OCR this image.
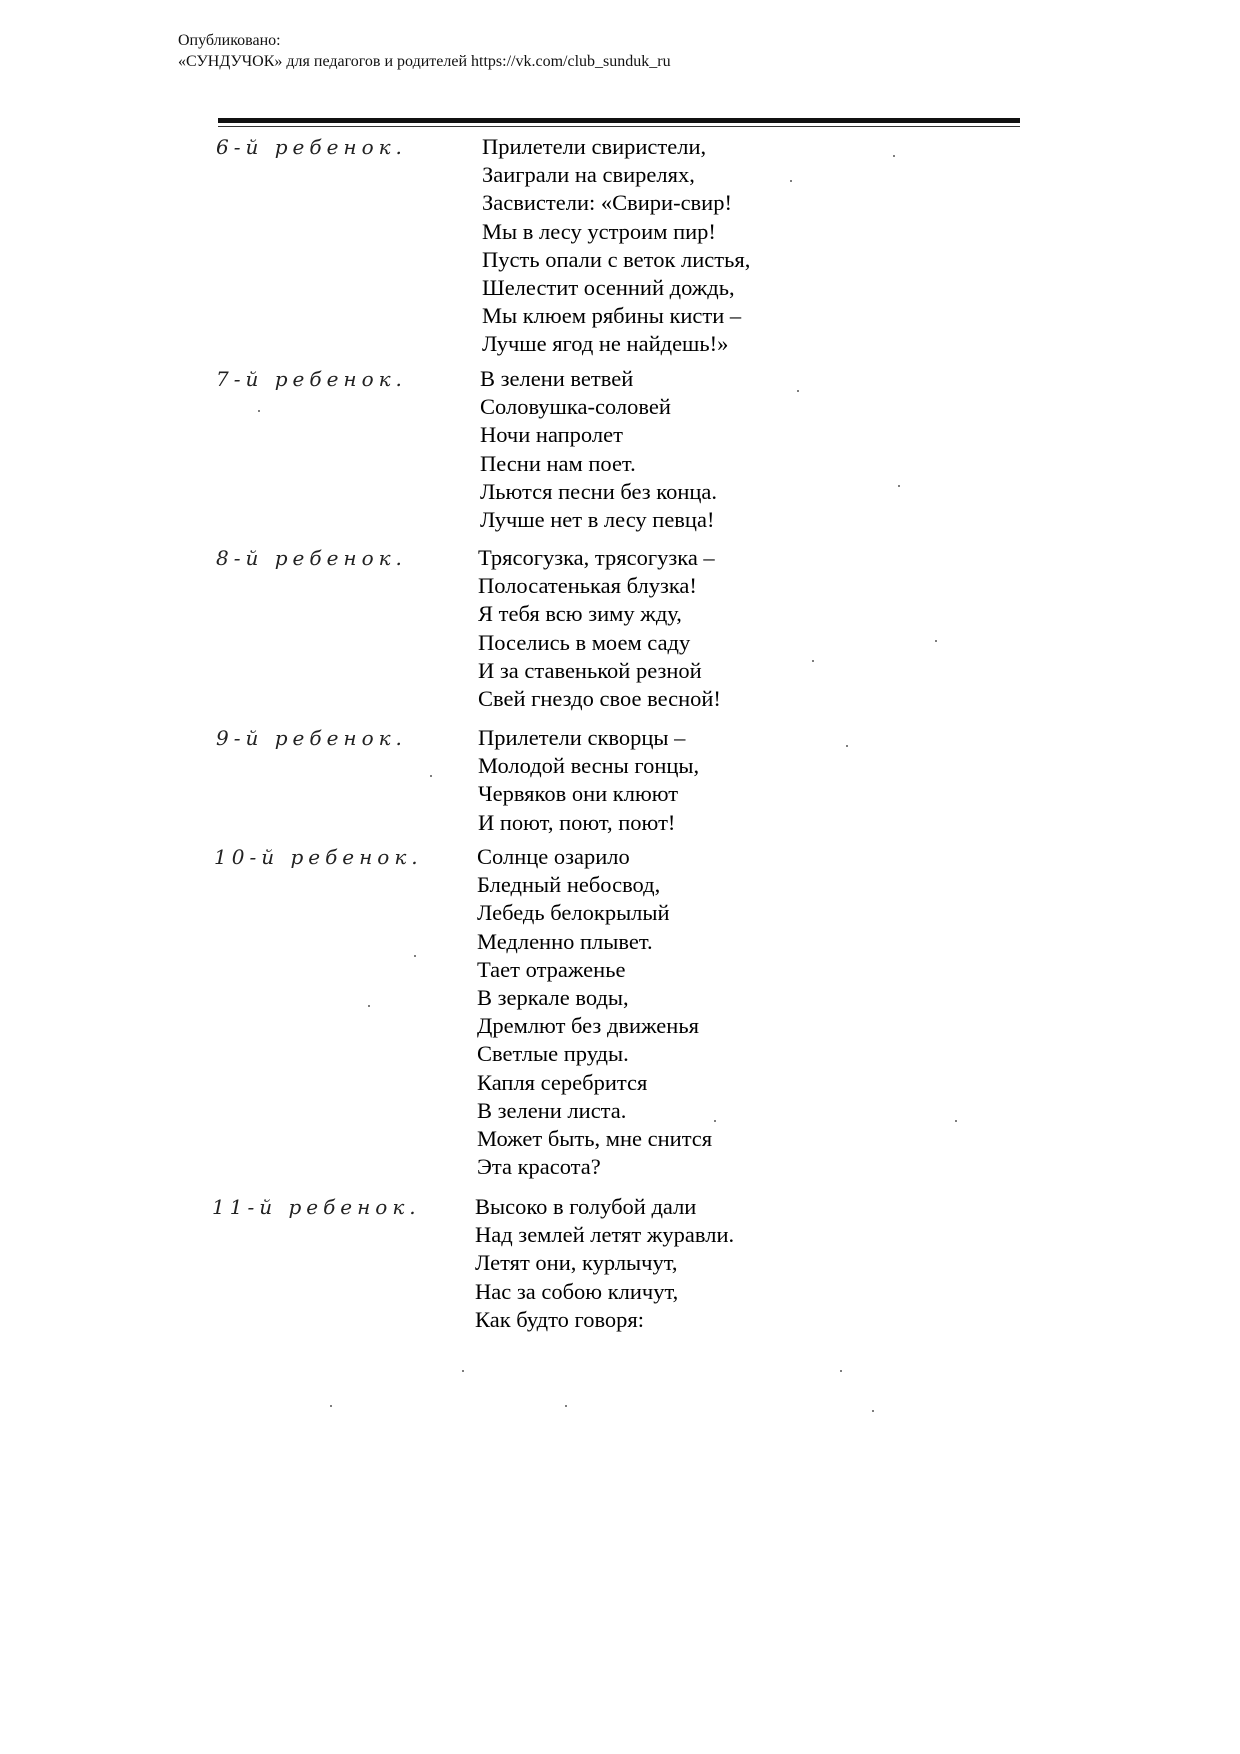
Опубликовано:
«СУНДУЧОК» для педагогов и родителей https://vk.com/club_sunduk_ru
6-й ребенок.	Прилетели свиристели,
Заиграли на свирелях,
Засвистели: «Свири-свир!
Мы в лесу устроим пир!
Пусть опали с веток листья,
Шелестит осенний дождь,
Мы клюем рябины кисти –
Лучше ягод не найдешь!»
7-й ребенок.	В зелени ветвей
Соловушка-соловей
Ночи напролет
Песни нам поет.
Льются песни без конца.
Лучше нет в лесу певца!
8-й ребенок.	Трясогузка, трясогузка –
Полосатенькая блузка!
Я тебя всю зиму жду,
Поселись в моем саду
И за ставенькой резной
Свей гнездо свое весной!
9-й ребенок.	Прилетели скворцы –
Молодой весны гонцы,
Червяков они клюют
И поют, поют, поют!
10-й ребенок. Солнце озарило
Бледный небосвод,
Лебедь белокрылый
Медленно плывет.
Тает отраженье
В зеркале воды,
Дремлют без движенья
Светлые пруды.
Капля серебрится
В зелени листа.
Может быть, мне снится
Эта красота?
11-й ребенок. Высоко в голубой дали
Над землей летят журавли.
Летят они, курлычут,
Нас за собою кличут,
Как будто говоря:
